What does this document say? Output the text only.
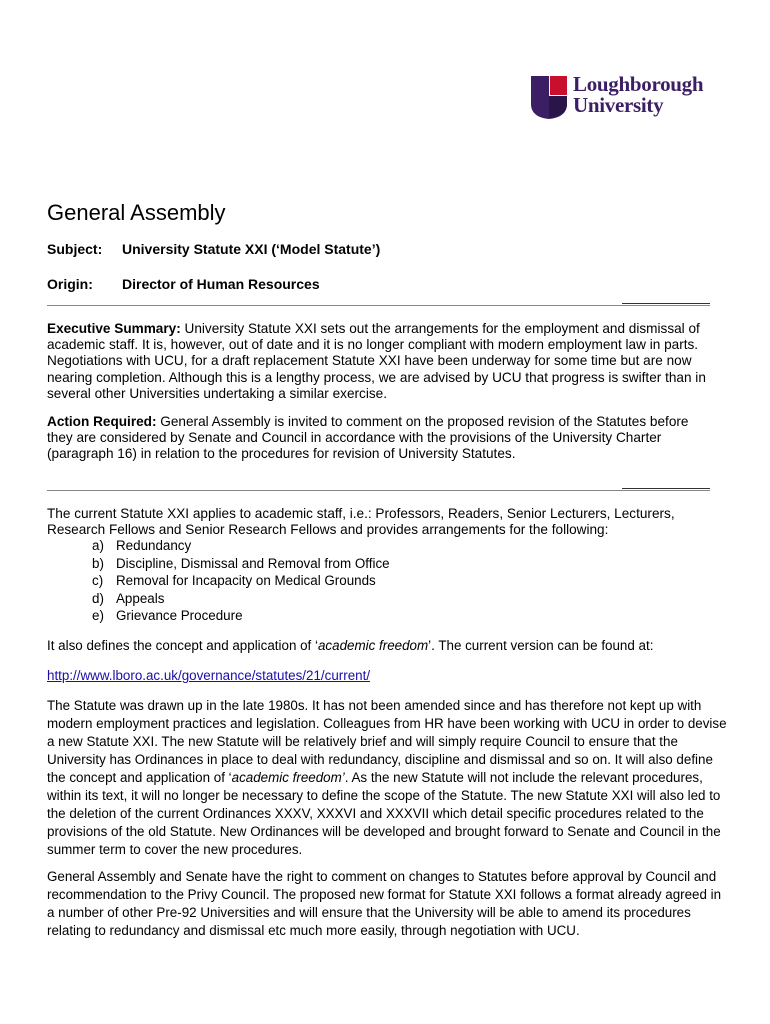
Loughborough
University
General Assembly
Subject: University Statute XXI (‘Model Statute’)
Origin: Director of Human Resources

Executive Summary: University Statute XXI sets out the arrangements for the employment and dismissal of academic staff. It is, however, out of date and it is no longer compliant with modern employment law in parts. Negotiations with UCU, for a draft replacement Statute XXI have been underway for some time but are now nearing completion. Although this is a lengthy process, we are advised by UCU that progress is swifter than in several other Universities undertaking a similar exercise.

Action Required: General Assembly is invited to comment on the proposed revision of the Statutes before they are considered by Senate and Council in accordance with the provisions of the University Charter (paragraph 16) in relation to the procedures for revision of University Statutes.

The current Statute XXI applies to academic staff, i.e.: Professors, Readers, Senior Lecturers, Lecturers, Research Fellows and Senior Research Fellows and provides arrangements for the following:

a) Redundancy
b) Discipline, Dismissal and Removal from Office
c) Removal for Incapacity on Medical Grounds
d) Appeals
e) Grievance Procedure

It also defines the concept and application of ‘academic freedom’. The current version can be found at:

http://www.lboro.ac.uk/governance/statutes/21/current/

The Statute was drawn up in the late 1980s. It has not been amended since and has therefore not kept up with modern employment practices and legislation. Colleagues from HR have been working with UCU in order to devise a new Statute XXI. The new Statute will be relatively brief and will simply require Council to ensure that the University has Ordinances in place to deal with redundancy, discipline and dismissal and so on. It will also define the concept and application of ‘academic freedom’. As the new Statute will not include the relevant procedures, within its text, it will no longer be necessary to define the scope of the Statute. The new Statute XXI will also led to the deletion of the current Ordinances XXXV, XXXVI and XXXVII which detail specific procedures related to the provisions of the old Statute. New Ordinances will be developed and brought forward to Senate and Council in the summer term to cover the new procedures.

General Assembly and Senate have the right to comment on changes to Statutes before approval by Council and recommendation to the Privy Council. The proposed new format for Statute XXI follows a format already agreed in a number of other Pre-92 Universities and will ensure that the University will be able to amend its procedures relating to redundancy and dismissal etc much more easily, through negotiation with UCU.
